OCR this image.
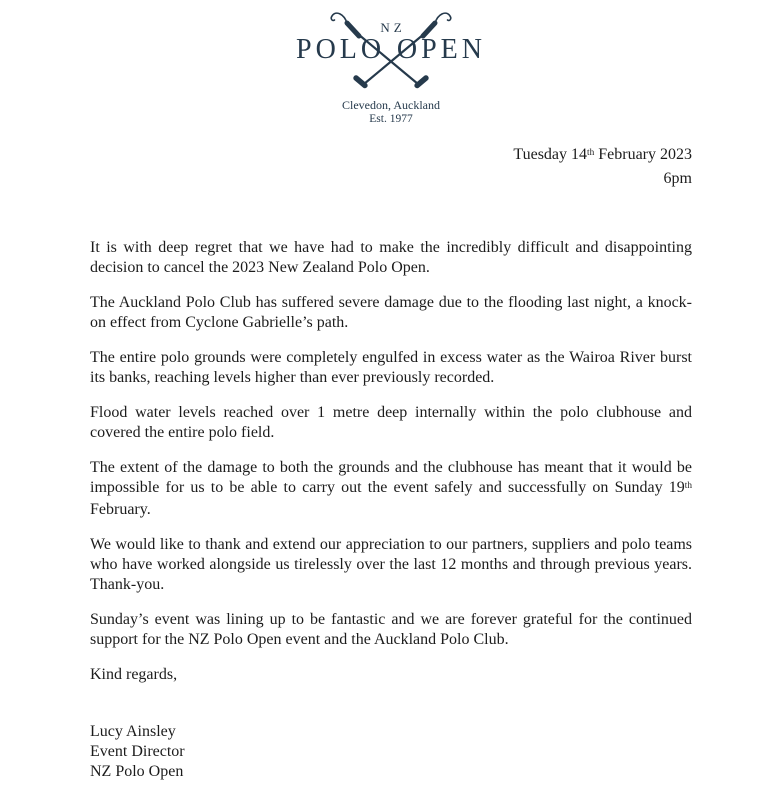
NZ
POLO OPEN
Clevedon, Auckland
Est. 1977
Tuesday 14th February 2023
6pm

It is with deep regret that we have had to make the incredibly difficult and disappointing decision to cancel the 2023 New Zealand Polo Open.

The Auckland Polo Club has suffered severe damage due to the flooding last night, a knock-on effect from Cyclone Gabrielle’s path.

The entire polo grounds were completely engulfed in excess water as the Wairoa River burst its banks, reaching levels higher than ever previously recorded.

Flood water levels reached over 1 metre deep internally within the polo clubhouse and covered the entire polo field.

The extent of the damage to both the grounds and the clubhouse has meant that it would be impossible for us to be able to carry out the event safely and successfully on Sunday 19th February.

We would like to thank and extend our appreciation to our partners, suppliers and polo teams who have worked alongside us tirelessly over the last 12 months and through previous years. Thank-you.

Sunday’s event was lining up to be fantastic and we are forever grateful for the continued support for the NZ Polo Open event and the Auckland Polo Club.

Kind regards,

Lucy Ainsley
Event Director
NZ Polo Open
